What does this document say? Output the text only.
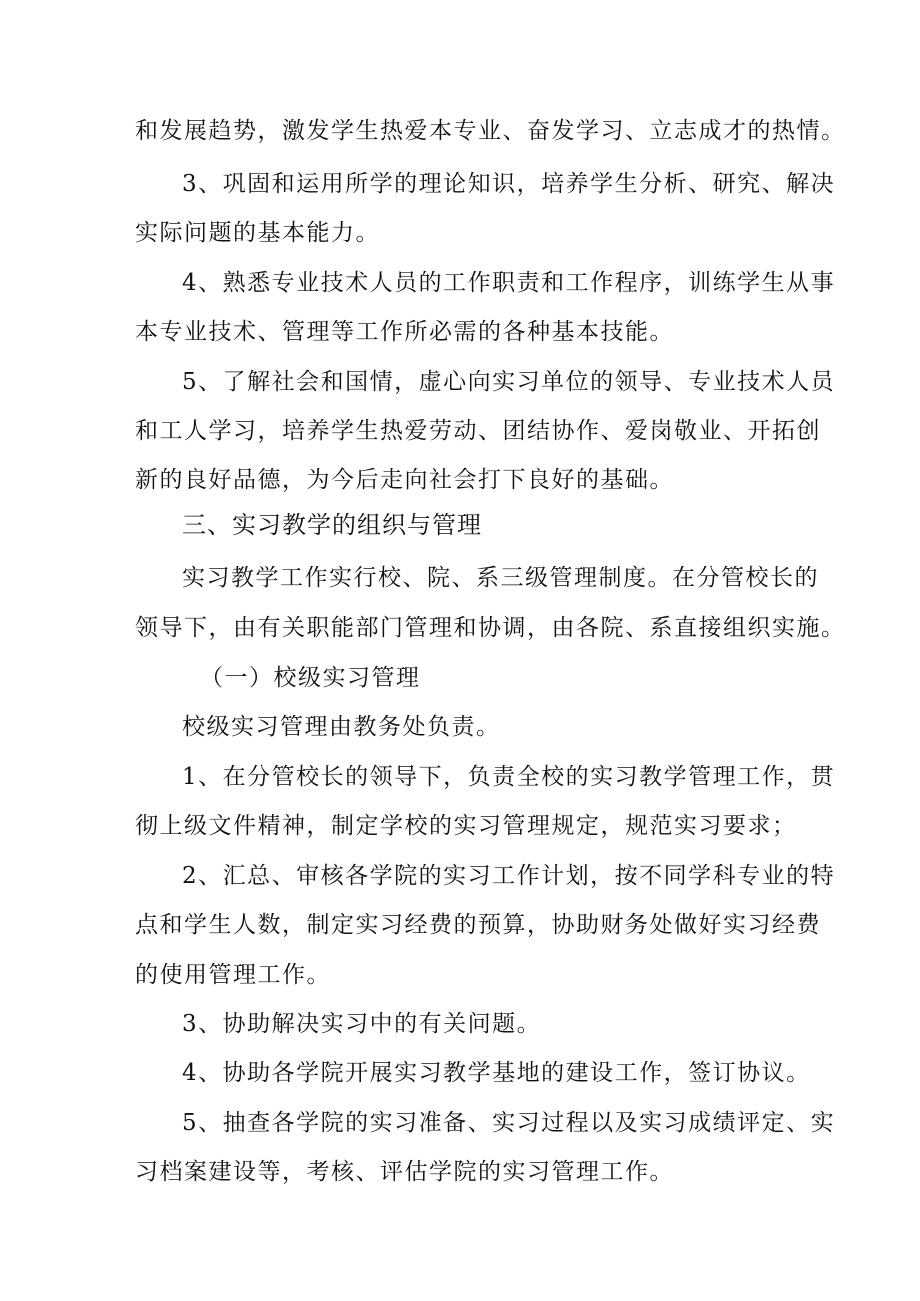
和发展趋势，激发学生热爱本专业、奋发学习、立志成才的热情。
3、巩固和运用所学的理论知识，培养学生分析、研究、解决
实际问题的基本能力。
4、熟悉专业技术人员的工作职责和工作程序，训练学生从事
本专业技术、管理等工作所必需的各种基本技能。
5、了解社会和国情，虚心向实习单位的领导、专业技术人员
和工人学习，培养学生热爱劳动、团结协作、爱岗敬业、开拓创
新的良好品德，为今后走向社会打下良好的基础。
三、实习教学的组织与管理
实习教学工作实行校、院、系三级管理制度。在分管校长的
领导下，由有关职能部门管理和协调，由各院、系直接组织实施。
（一）校级实习管理
校级实习管理由教务处负责。
1、在分管校长的领导下，负责全校的实习教学管理工作，贯
彻上级文件精神，制定学校的实习管理规定，规范实习要求；
2、汇总、审核各学院的实习工作计划，按不同学科专业的特
点和学生人数，制定实习经费的预算，协助财务处做好实习经费
的使用管理工作。
3、协助解决实习中的有关问题。
4、协助各学院开展实习教学基地的建设工作，签订协议。
5、抽查各学院的实习准备、实习过程以及实习成绩评定、实
习档案建设等，考核、评估学院的实习管理工作。
